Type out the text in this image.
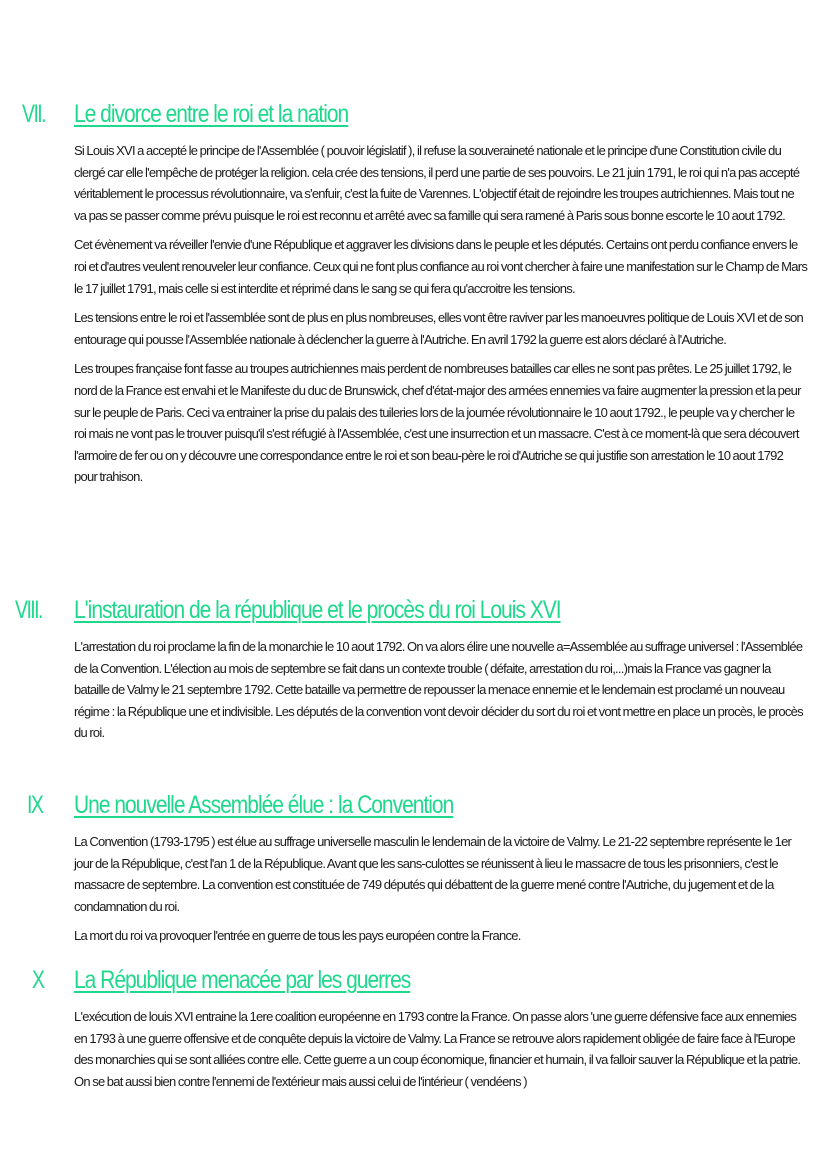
VII. Le divorce entre le roi et la nation

Si Louis XVI a accepté le principe de l'Assemblée ( pouvoir législatif ), il refuse la souveraineté nationale et le principe d'une Constitution civile du clergé car elle l'empêche de protéger la religion. cela crée des tensions, il perd une partie de ses pouvoirs. Le 21 juin 1791, le roi qui n'a pas accepté véritablement le processus révolutionnaire, va s'enfuir, c'est la fuite de Varennes. L'objectif était de rejoindre les troupes autrichiennes. Mais tout ne va pas se passer comme prévu puisque le roi est reconnu et arrêté avec sa famille qui sera ramené à Paris sous bonne escorte le 10 aout 1792.

Cet évènement va réveiller l'envie d'une République et aggraver les divisions dans le peuple et les députés. Certains ont perdu confiance envers le roi et d'autres veulent renouveler leur confiance. Ceux qui ne font plus confiance au roi vont chercher à faire une manifestation sur le Champ de Mars le 17 juillet 1791, mais celle si est interdite et réprimé dans le sang se qui fera qu'accroitre les tensions.

Les tensions entre le roi et l'assemblée sont de plus en plus nombreuses, elles vont être raviver par les manoeuvres politique de Louis XVI et de son entourage qui pousse l'Assemblée nationale à déclencher la guerre à l'Autriche. En avril 1792 la guerre est alors déclaré à l'Autriche.

Les troupes française font fasse au troupes autrichiennes mais perdent de nombreuses batailles car elles ne sont pas prêtes. Le 25 juillet 1792, le nord de la France est envahi et le Manifeste du duc de Brunswick, chef d'état-major des armées ennemies va faire augmenter la pression et la peur sur le peuple de Paris. Ceci va entrainer la prise du palais des tuileries lors de la journée révolutionnaire le 10 aout 1792., le peuple va y chercher le roi mais ne vont pas le trouver puisqu'il s'est réfugié à l'Assemblée, c'est une insurrection et un massacre. C'est à ce moment-là que sera découvert l'armoire de fer ou on y découvre une correspondance entre le roi et son beau-père le roi d'Autriche se qui justifie son arrestation le 10 aout 1792 pour trahison.

VIII. L'instauration de la république et le procès du roi Louis XVI

L'arrestation du roi proclame la fin de la monarchie le 10 aout 1792. On va alors élire une nouvelle a=Assemblée au suffrage universel : l'Assemblée de la Convention. L'élection au mois de septembre se fait dans un contexte trouble ( défaite, arrestation du roi,...)mais la France vas gagner la bataille de Valmy le 21 septembre 1792. Cette bataille va permettre de repousser la menace ennemie et le lendemain est proclamé un nouveau régime : la République une et indivisible. Les députés de la convention vont devoir décider du sort du roi et vont mettre en place un procès, le procès du roi.

IX Une nouvelle Assemblée élue : la Convention

La Convention (1793-1795 ) est élue au suffrage universelle masculin le lendemain de la victoire de Valmy. Le 21-22 septembre représente le 1er jour de la République, c'est l'an 1 de la République. Avant que les sans-culottes se réunissent à lieu le massacre de tous les prisonniers, c'est le massacre de septembre. La convention est constituée de 749 députés qui débattent de la guerre mené contre l'Autriche, du jugement et de la condamnation du roi.

La mort du roi va provoquer l'entrée en guerre de tous les pays européen contre la France.

X La République menacée par les guerres

L'exécution de louis XVI entraine la 1ere coalition européenne en 1793 contre la France. On passe alors 'une guerre défensive face aux ennemies en 1793 à une guerre offensive et de conquête depuis la victoire de Valmy. La France se retrouve alors rapidement obligée de faire face à l'Europe des monarchies qui se sont alliées contre elle. Cette guerre a un coup économique, financier et humain, il va falloir sauver la République et la patrie. On se bat aussi bien contre l'ennemi de l'extérieur mais aussi celui de l'intérieur ( vendéens )
